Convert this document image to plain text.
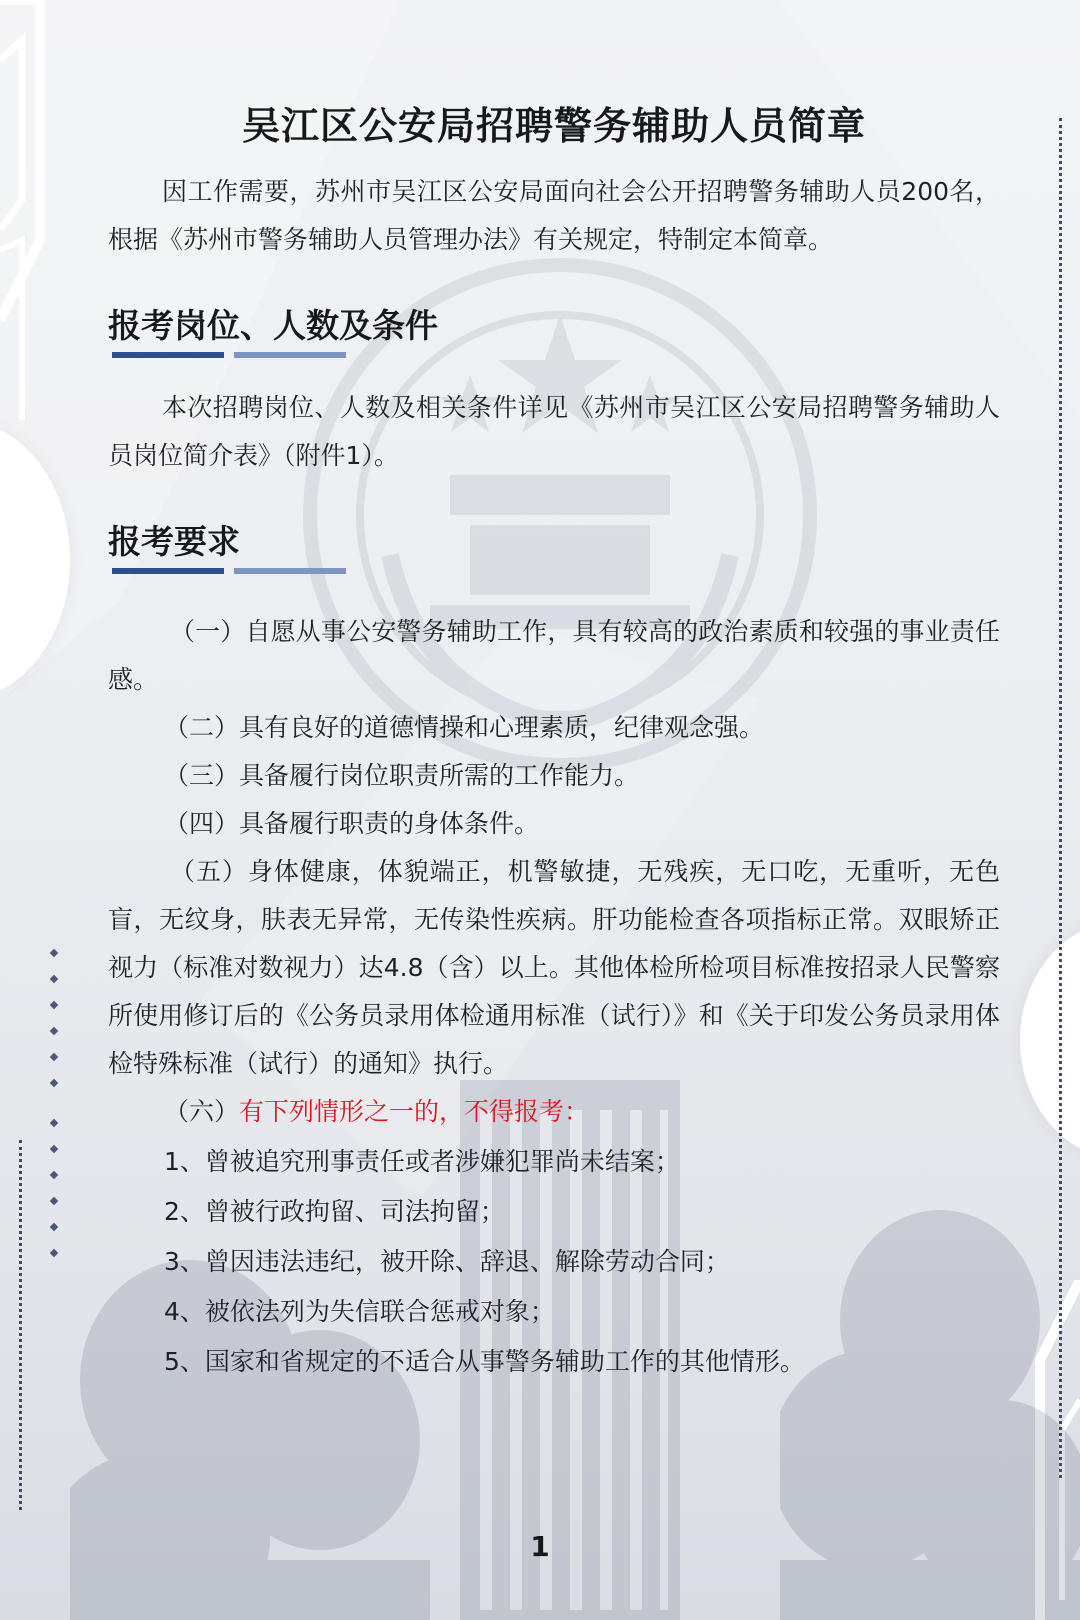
吴江区公安局招聘警务辅助人员简章

因工作需要，苏州市吴江区公安局面向社会公开招聘警务辅助人员200名，根据《苏州市警务辅助人员管理办法》有关规定，特制定本简章。

报考岗位、人数及条件

本次招聘岗位、人数及相关条件详见《苏州市吴江区公安局招聘警务辅助人员岗位简介表》（附件1）。

报考要求

（一）自愿从事公安警务辅助工作，具有较高的政治素质和较强的事业责任感。

（二）具有良好的道德情操和心理素质，纪律观念强。

（三）具备履行岗位职责所需的工作能力。

（四）具备履行职责的身体条件。

（五）身体健康，体貌端正，机警敏捷，无残疾，无口吃，无重听，无色盲，无纹身，肤表无异常，无传染性疾病。肝功能检查各项指标正常。双眼矫正视力（标准对数视力）达4.8（含）以上。其他体检所检项目标准按招录人民警察所使用修订后的《公务员录用体检通用标准（试行）》和《关于印发公务员录用体检特殊标准（试行）的通知》执行。

（六）有下列情形之一的，不得报考：

1、曾被追究刑事责任或者涉嫌犯罪尚未结案；

2、曾被行政拘留、司法拘留；

3、曾因违法违纪，被开除、辞退、解除劳动合同；

4、被依法列为失信联合惩戒对象；

5、国家和省规定的不适合从事警务辅助工作的其他情形。

1
